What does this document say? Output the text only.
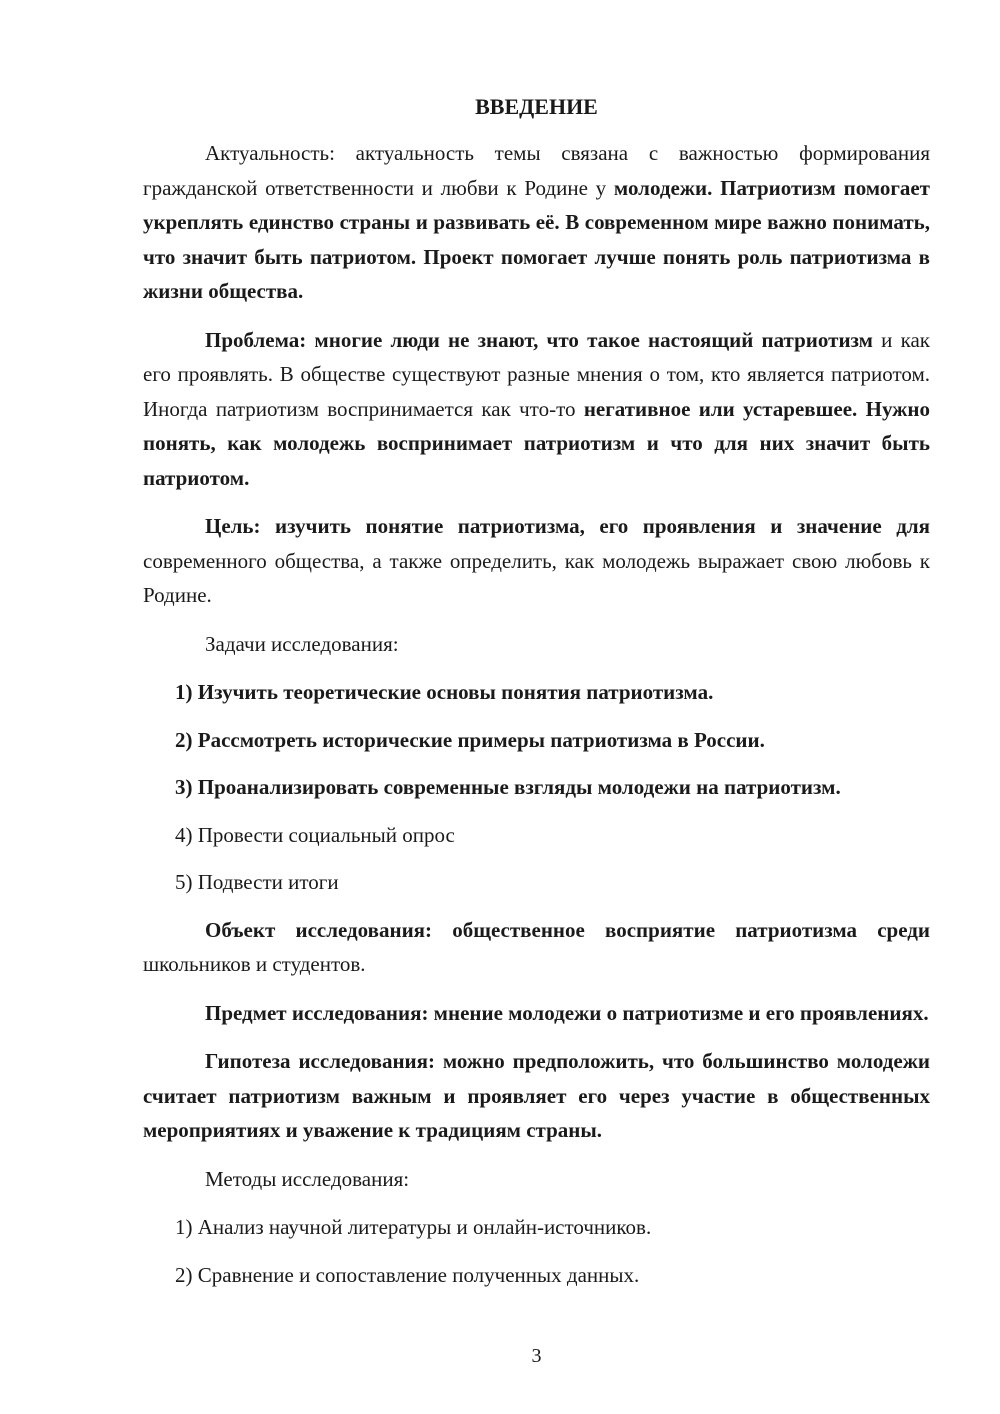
ВВЕДЕНИЕ
Актуальность: актуальность темы связана с важностью формирования гражданской ответственности и любви к Родине у молодежи. Патриотизм помогает укреплять единство страны и развивать её. В современном мире важно понимать, что значит быть патриотом. Проект помогает лучше понять роль патриотизма в жизни общества.
Проблема: многие люди не знают, что такое настоящий патриотизм и как его проявлять. В обществе существуют разные мнения о том, кто является патриотом. Иногда патриотизм воспринимается как что-то негативное или устаревшее. Нужно понять, как молодежь воспринимает патриотизм и что для них значит быть патриотом.
Цель: изучить понятие патриотизма, его проявления и значение для современного общества, а также определить, как молодежь выражает свою любовь к Родине.
Задачи исследования:
1) Изучить теоретические основы понятия патриотизма.
2) Рассмотреть исторические примеры патриотизма в России.
3) Проанализировать современные взгляды молодежи на патриотизм.
4) Провести социальный опрос
5) Подвести итоги
Объект исследования: общественное восприятие патриотизма среди школьников и студентов.
Предмет исследования: мнение молодежи о патриотизме и его проявлениях.
Гипотеза исследования: можно предположить, что большинство молодежи считает патриотизм важным и проявляет его через участие в общественных мероприятиях и уважение к традициям страны.
Методы исследования:
1) Анализ научной литературы и онлайн-источников.
2) Сравнение и сопоставление полученных данных.
3
